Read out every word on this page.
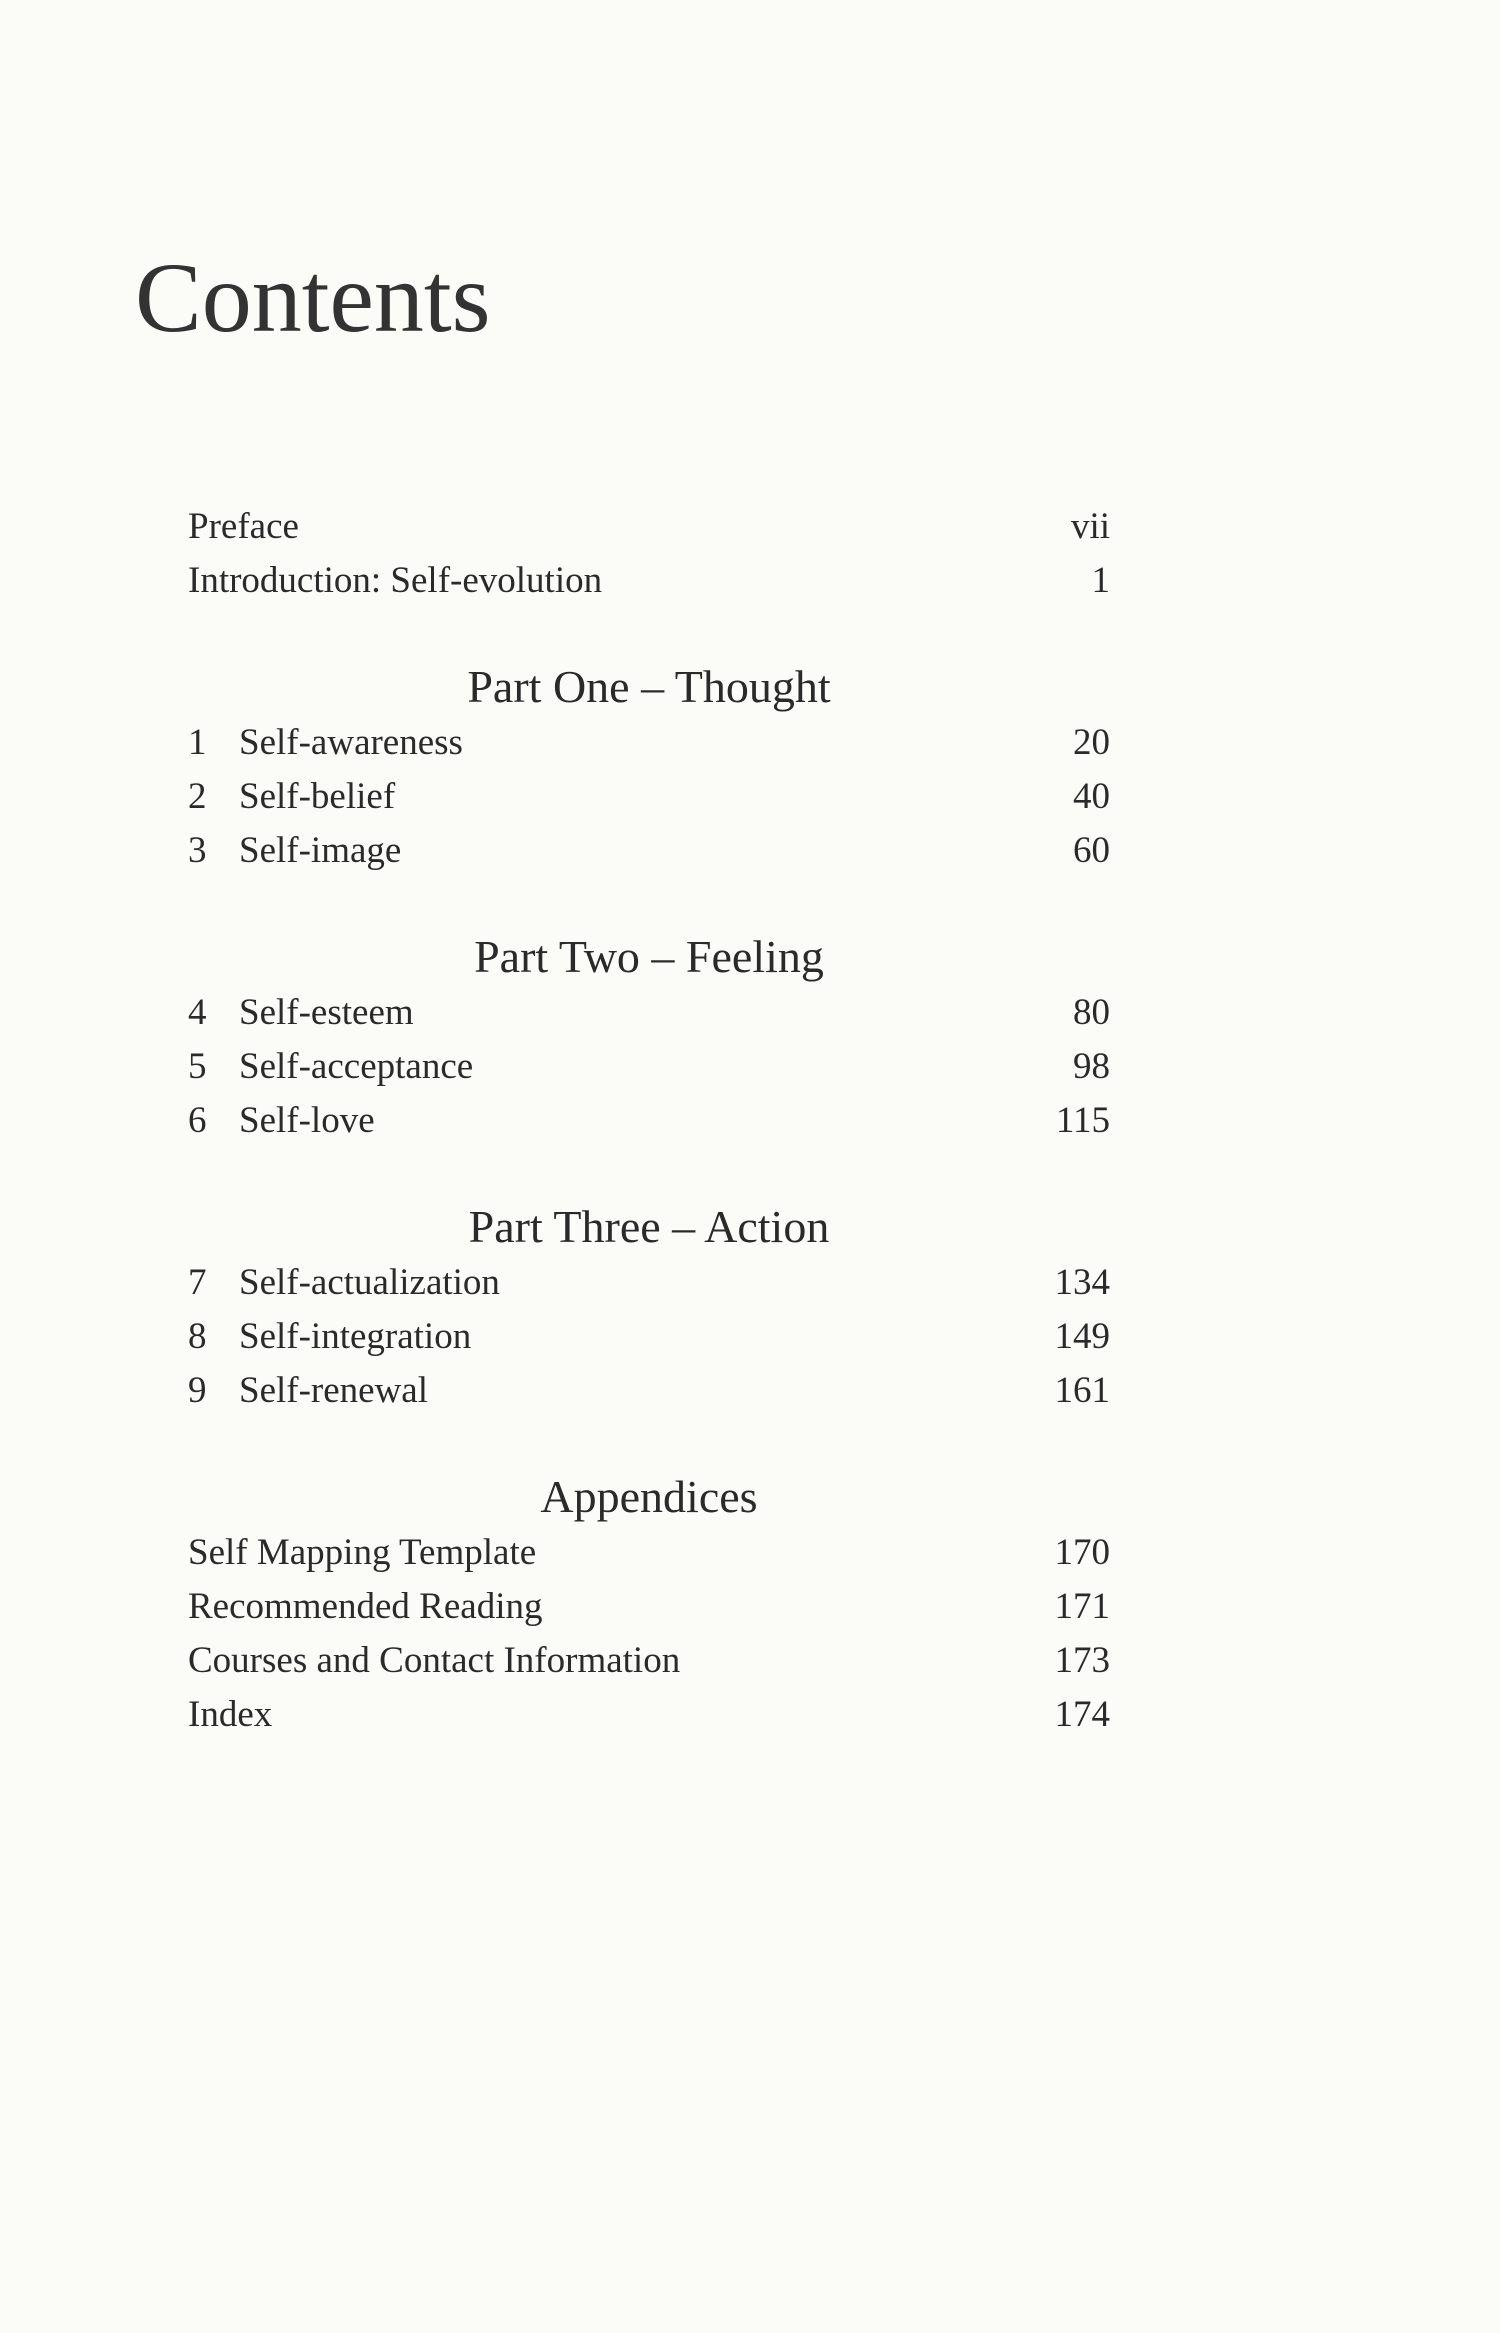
Contents
Preface	vii
Introduction: Self-evolution	1
Part One – Thought
1 Self-awareness	20
2 Self-belief	40
3 Self-image	60
Part Two – Feeling
4 Self-esteem	80
5 Self-acceptance	98
6 Self-love	115
Part Three – Action
7 Self-actualization	134
8 Self-integration	149
9 Self-renewal	161
Appendices
Self Mapping Template	170
Recommended Reading	171
Courses and Contact Information	173
Index	174
